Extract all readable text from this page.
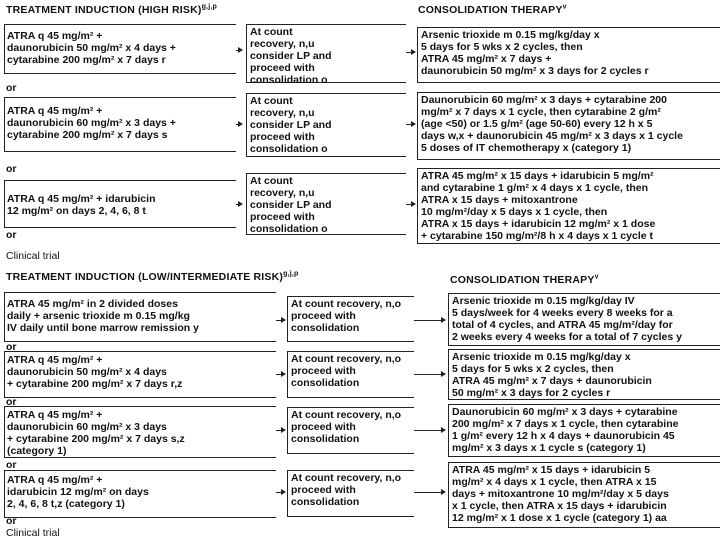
TREATMENT INDUCTION (HIGH RISK)$^{g,j,p}$	CONSOLIDATION THERAPY$^v$
ATRA q 45 mg/m² +
daunorubicin 50 mg/m² x 4 days +
cytarabine 200 mg/m² x 7 days r
At count
recovery, n,u
consider LP and
proceed with
consolidation o
Arsenic trioxide m 0.15 mg/kg/day x
5 days for 5 wks x 2 cycles, then
ATRA 45 mg/m² x 7 days +
daunorubicin 50 mg/m² x 3 days for 2 cycles r
or
ATRA q 45 mg/m² +
daunorubicin 60 mg/m² x 3 days +
cytarabine 200 mg/m² x 7 days s
At count
recovery, n,u
consider LP and
proceed with
consolidation o
Daunorubicin 60 mg/m² x 3 days + cytarabine 200
mg/m² x 7 days x 1 cycle, then cytarabine 2 g/m²
(age <50) or 1.5 g/m² (age 50-60) every 12 h x 5
days w,x + daunorubicin 45 mg/m² x 3 days x 1 cycle
5 doses of IT chemotherapy x (category 1)
or
ATRA q 45 mg/m² + idarubicin
12 mg/m² on days 2, 4, 6, 8 t
At count
recovery, n,u
consider LP and
proceed with
consolidation o
ATRA 45 mg/m² x 15 days + idarubicin 5 mg/m²
and cytarabine 1 g/m² x 4 days x 1 cycle, then
ATRA x 15 days + mitoxantrone
10 mg/m²/day x 5 days x 1 cycle, then
ATRA x 15 days + idarubicin 12 mg/m² x 1 dose
+ cytarabine 150 mg/m²/8 h x 4 days x 1 cycle t
or
Clinical trial
TREATMENT INDUCTION (LOW/INTERMEDIATE RISK)$^{g,j,p}$	CONSOLIDATION THERAPY$^v$
ATRA 45 mg/m² in 2 divided doses
daily + arsenic trioxide m 0.15 mg/kg
IV daily until bone marrow remission y
At count recovery, n,o
proceed with
consolidation
Arsenic trioxide m 0.15 mg/kg/day IV
5 days/week for 4 weeks every 8 weeks for a
total of 4 cycles, and ATRA 45 mg/m²/day for
2 weeks every 4 weeks for a total of 7 cycles y
or
ATRA q 45 mg/m² +
daunorubicin 50 mg/m² x 4 days
+ cytarabine 200 mg/m² x 7 days r,z
At count recovery, n,o
proceed with
consolidation
Arsenic trioxide m 0.15 mg/kg/day x
5 days for 5 wks x 2 cycles, then
ATRA 45 mg/m² x 7 days + daunorubicin
50 mg/m² x 3 days for 2 cycles r
or
ATRA q 45 mg/m² +
daunorubicin 60 mg/m² x 3 days
+ cytarabine 200 mg/m² x 7 days s,z
(category 1)
At count recovery, n,o
proceed with
consolidation
Daunorubicin 60 mg/m² x 3 days + cytarabine
200 mg/m² x 7 days x 1 cycle, then cytarabine
1 g/m² every 12 h x 4 days + daunorubicin 45
mg/m² x 3 days x 1 cycle s (category 1)
or
ATRA q 45 mg/m² +
idarubicin 12 mg/m² on days
2, 4, 6, 8 t,z (category 1)
At count recovery, n,o
proceed with
consolidation
ATRA 45 mg/m² x 15 days + idarubicin 5
mg/m² x 4 days x 1 cycle, then ATRA x 15
days + mitoxantrone 10 mg/m²/day x 5 days
x 1 cycle, then ATRA x 15 days + idarubicin
12 mg/m² x 1 dose x 1 cycle (category 1) aa
or
Clinical trial
